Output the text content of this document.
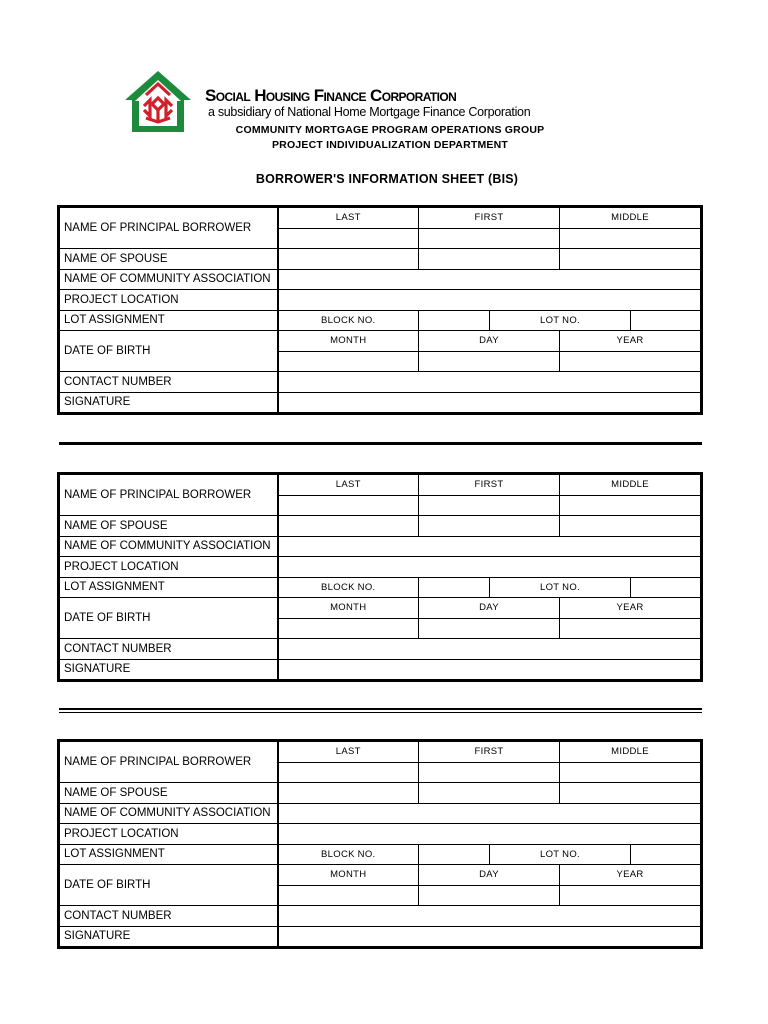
Social Housing Finance Corporation
a subsidiary of National Home Mortgage Finance Corporation
COMMUNITY MORTGAGE PROGRAM OPERATIONS GROUP
PROJECT INDIVIDUALIZATION DEPARTMENT
BORROWER'S INFORMATION SHEET (BIS)
NAME OF PRINCIPAL BORROWER	LAST	FIRST		MIDDLE	

NAME OF SPOUSE					
NAME OF COMMUNITY ASSOCIATION					
PROJECT LOCATION					
LOT ASSIGNMENT	BLOCK NO.		LOT NO.		
DATE OF BIRTH	MONTH	DAY		YEAR	

CONTACT NUMBER					
SIGNATURE					
NAME OF PRINCIPAL BORROWER	LAST	FIRST		MIDDLE	

NAME OF SPOUSE					
NAME OF COMMUNITY ASSOCIATION					
PROJECT LOCATION					
LOT ASSIGNMENT	BLOCK NO.		LOT NO.		
DATE OF BIRTH	MONTH	DAY		YEAR	

CONTACT NUMBER					
SIGNATURE					
NAME OF PRINCIPAL BORROWER	LAST	FIRST		MIDDLE	

NAME OF SPOUSE					
NAME OF COMMUNITY ASSOCIATION					
PROJECT LOCATION					
LOT ASSIGNMENT	BLOCK NO.		LOT NO.		
DATE OF BIRTH	MONTH	DAY		YEAR	

CONTACT NUMBER					
SIGNATURE					
